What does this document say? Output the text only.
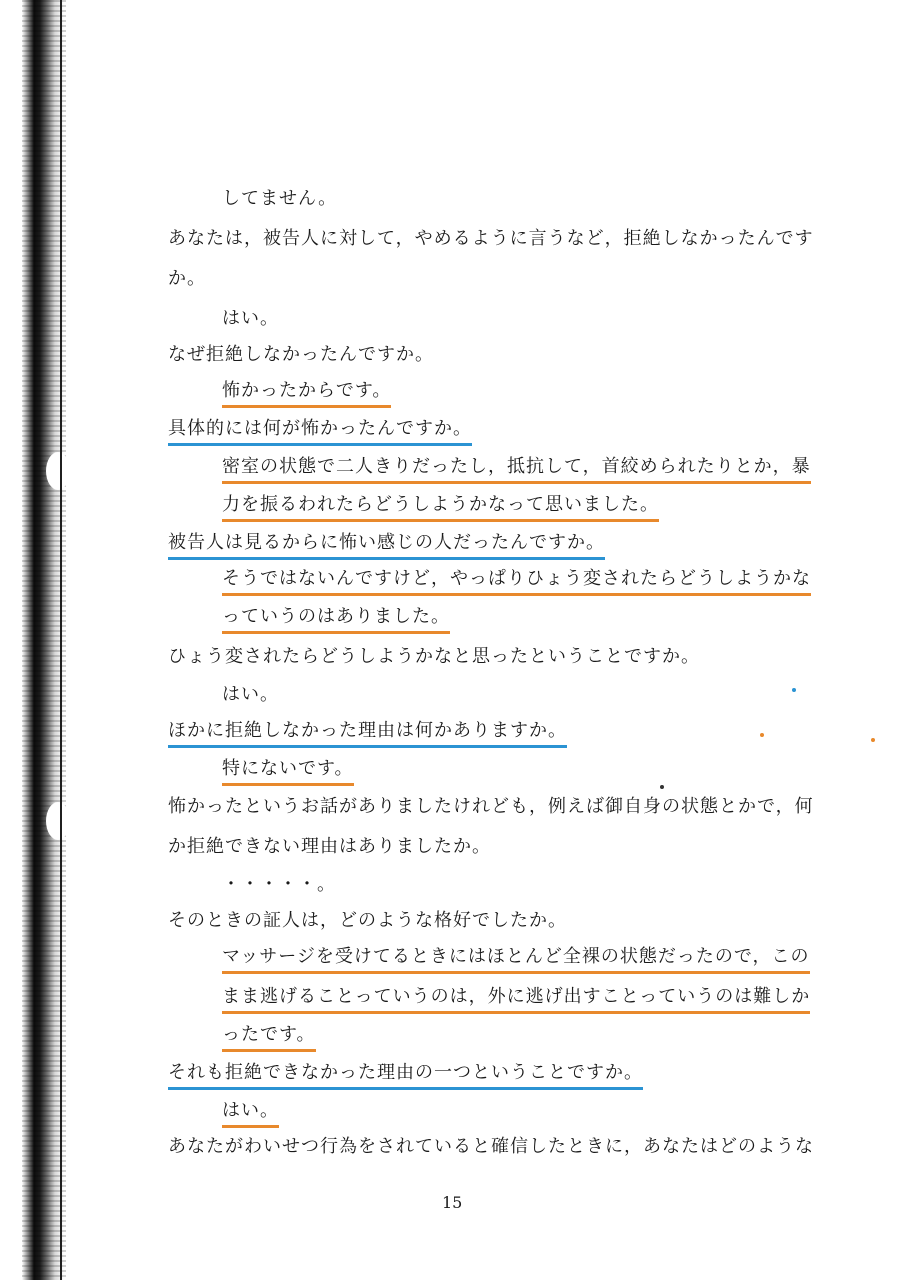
してません。
あなたは，被告人に対して，やめるように言うなど，拒絶しなかったんです
か。
はい。
なぜ拒絶しなかったんですか。
怖かったからです。
具体的には何が怖かったんですか。
密室の状態で二人きりだったし，抵抗して，首絞められたりとか，暴
力を振るわれたらどうしようかなって思いました。
被告人は見るからに怖い感じの人だったんですか。
そうではないんですけど，やっぱりひょう変されたらどうしようかな
っていうのはありました。
ひょう変されたらどうしようかなと思ったということですか。
はい。
ほかに拒絶しなかった理由は何かありますか。
特にないです。
怖かったというお話がありましたけれども，例えば御自身の状態とかで，何
か拒絶できない理由はありましたか。
・・・・・。
そのときの証人は，どのような格好でしたか。
マッサージを受けてるときにはほとんど全裸の状態だったので，この
まま逃げることっていうのは，外に逃げ出すことっていうのは難しか
ったです。
それも拒絶できなかった理由の一つということですか。
はい。
あなたがわいせつ行為をされていると確信したときに，あなたはどのような
15
